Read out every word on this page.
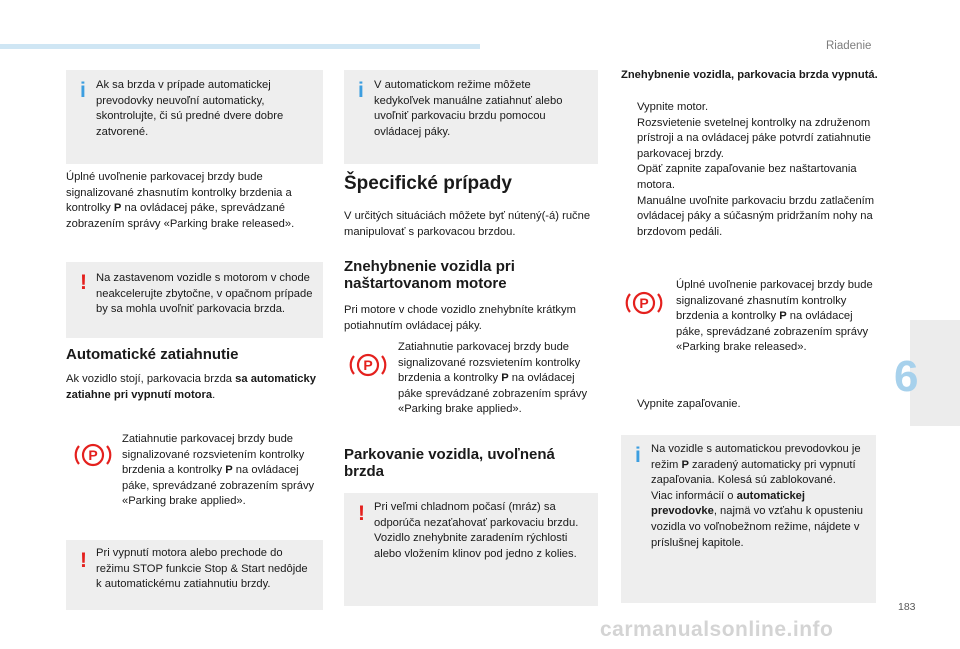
Riadenie
6
183
carmanualsonline.info
i Ak sa brzda v prípade automatickej prevodovky neuvoľní automaticky, skontrolujte, či sú predné dvere dobre zatvorené.
Úplné uvoľnenie parkovacej brzdy bude signalizované zhasnutím kontrolky brzdenia a kontrolky P na ovládacej páke, sprevádzané zobrazením správy «Parking brake released».
! Na zastavenom vozidle s motorom v chode neakcelerujte zbytočne, v opačnom prípade by sa mohla uvoľniť parkovacia brzda.
Automatické zatiahnutie
Ak vozidlo stojí, parkovacia brzda sa automaticky zatiahne pri vypnutí motora.
P
Zatiahnutie parkovacej brzdy bude signalizované rozsvietením kontrolky brzdenia a kontrolky P na ovládacej páke, sprevádzané zobrazením správy «Parking brake applied».
! Pri vypnutí motora alebo prechode do režimu STOP funkcie Stop & Start nedôjde k automatickému zatiahnutiu brzdy.
i V automatickom režime môžete kedykoľvek manuálne zatiahnuť alebo uvoľniť parkovaciu brzdu pomocou ovládacej páky.
Špecifické prípady
V určitých situáciách môžete byť nútený(-á) ručne manipulovať s parkovacou brzdou.
Znehybnenie vozidla pri naštartovanom motore
Pri motore v chode vozidlo znehybníte krátkym potiahnutím ovládacej páky.
P
Zatiahnutie parkovacej brzdy bude signalizované rozsvietením kontrolky brzdenia a kontrolky P na ovládacej páke sprevádzané zobrazením správy «Parking brake applied».
Parkovanie vozidla, uvoľnená brzda
! Pri veľmi chladnom počasí (mráz) sa odporúča nezaťahovať parkovaciu brzdu. Vozidlo znehybnite zaradením rýchlosti alebo vložením klinov pod jedno z kolies.
Znehybnenie vozidla, parkovacia brzda vypnutá.
Vypnite motor.
Rozsvietenie svetelnej kontrolky na združenom prístroji a na ovládacej páke potvrdí zatiahnutie parkovacej brzdy.
Opäť zapnite zapaľovanie bez naštartovania motora.
Manuálne uvoľnite parkovaciu brzdu zatlačením ovládacej páky a súčasným pridržaním nohy na brzdovom pedáli.
P
Úplné uvoľnenie parkovacej brzdy bude signalizované zhasnutím kontrolky brzdenia a kontrolky P na ovládacej páke, sprevádzané zobrazením správy «Parking brake released».
Vypnite zapaľovanie.
i Na vozidle s automatickou prevodovkou je režim P zaradený automaticky pri vypnutí zapaľovania. Kolesá sú zablokované.
Viac informácií o automatickej prevodovke, najmä vo vzťahu k opusteniu vozidla vo voľnobežnom režime, nájdete v príslušnej kapitole.
